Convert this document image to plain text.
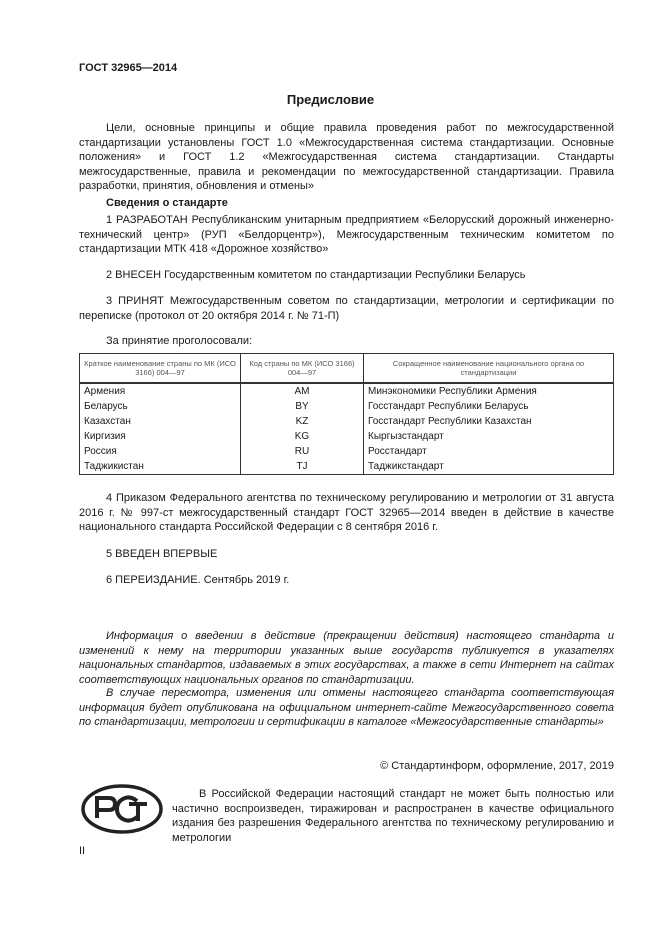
ГОСТ 32965—2014
Предисловие
Цели, основные принципы и общие правила проведения работ по межгосударственной стандартизации установлены ГОСТ 1.0 «Межгосударственная система стандартизации. Основные положения» и ГОСТ 1.2 «Межгосударственная система стандартизации. Стандарты межгосударственные, правила и рекомендации по межгосударственной стандартизации. Правила разработки, принятия, обновления и отмены»
Сведения о стандарте
1 РАЗРАБОТАН Республиканским унитарным предприятием «Белорусский дорожный инженерно-технический центр» (РУП «Белдорцентр»), Межгосударственным техническим комитетом по стандартизации МТК 418 «Дорожное хозяйство»
2 ВНЕСЕН Государственным комитетом по стандартизации Республики Беларусь
3 ПРИНЯТ Межгосударственным советом по стандартизации, метрологии и сертификации по переписке (протокол от 20 октября 2014 г. № 71-П)
За принятие проголосовали:
Краткое наименование страны по МК (ИСО 3166) 004—97	Код страны по МК (ИСО 3166) 004—97	Сокращенное наименование национального органа по стандартизации
Армения	AM	Минэкономики Республики Армения
Беларусь	BY	Госстандарт Республики Беларусь
Казахстан	KZ	Госстандарт Республики Казахстан
Киргизия	KG	Кыргызстандарт
Россия	RU	Росстандарт
Таджикистан	TJ	Таджикстандарт
4 Приказом Федерального агентства по техническому регулированию и метрологии от 31 августа 2016 г. № 997-ст межгосударственный стандарт ГОСТ 32965—2014 введен в действие в качестве национального стандарта Российской Федерации с 8 сентября 2016 г.
5 ВВЕДЕН ВПЕРВЫЕ
6 ПЕРЕИЗДАНИЕ. Сентябрь 2019 г.
Информация о введении в действие (прекращении действия) настоящего стандарта и изменений к нему на территории указанных выше государств публикуется в указателях национальных стандартов, издаваемых в этих государствах, а также в сети Интернет на сайтах соответствующих национальных органов по стандартизации.
В случае пересмотра, изменения или отмены настоящего стандарта соответствующая информация будет опубликована на официальном интернет-сайте Межгосударственного совета по стандартизации, метрологии и сертификации в каталоге «Межгосударственные стандарты»
© Стандартинформ, оформление, 2017, 2019
В Российской Федерации настоящий стандарт не может быть полностью или частично воспроизведен, тиражирован и распространен в качестве официального издания без разрешения Федерального агентства по техническому регулированию и метрологии
II
